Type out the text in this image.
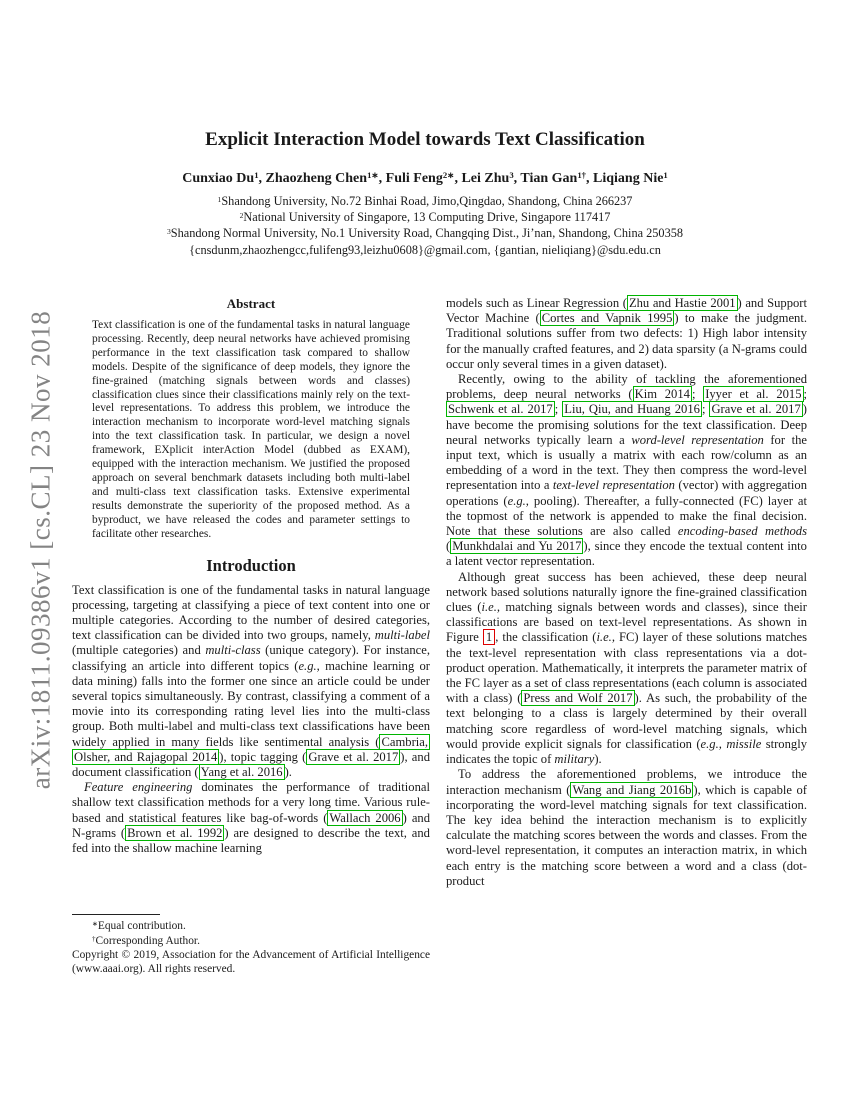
arXiv:1811.09386v1 [cs.CL] 23 Nov 2018
Explicit Interaction Model towards Text Classification
Cunxiao Du$^1$, Zhaozheng Chen$^{1∗}$, Fuli Feng$^{2∗}$, Lei Zhu$^3$, Tian Gan$^{1\dagger}$, Liqiang Nie$^1$
$^1$Shandong University, No.72 Binhai Road, Jimo,Qingdao, Shandong, China 266237
$^2$National University of Singapore, 13 Computing Drive, Singapore 117417
$^3$Shandong Normal University, No.1 University Road, Changqing Dist., Ji’nan, Shandong, China 250358
{cnsdunm,zhaozhengcc,fulifeng93,leizhu0608}@gmail.com, {gantian, nieliqiang}@sdu.edu.cn
Abstract
Text classification is one of the fundamental tasks in natural language processing. Recently, deep neural networks have achieved promising performance in the text classification task compared to shallow models. Despite of the significance of deep models, they ignore the fine-grained (matching signals between words and classes) classification clues since their classifications mainly rely on the text-level representations. To address this problem, we introduce the interaction mechanism to incorporate word-level matching signals into the text classification task. In particular, we design a novel framework, EXplicit interAction Model (dubbed as EXAM), equipped with the interaction mechanism. We justified the proposed approach on several benchmark datasets including both multi-label and multi-class text classification tasks. Extensive experimental results demonstrate the superiority of the proposed method. As a byproduct, we have released the codes and parameter settings to facilitate other researches.
Introduction

Text classification is one of the fundamental tasks in natural language processing, targeting at classifying a piece of text content into one or multiple categories. According to the number of desired categories, text classification can be divided into two groups, namely, multi-label (multiple categories) and multi-class (unique category). For instance, classifying an article into different topics (e.g., machine learning or data mining) falls into the former one since an article could be under several topics simultaneously. By contrast, classifying a comment of a movie into its corresponding rating level lies into the multi-class group. Both multi-label and multi-class text classifications have been widely applied in many fields like sentimental analysis ( Cambria, Olsher, and Rajagopal 2014 ), topic tagging ( Grave et al. 2017 ), and document classification ( Yang et al. 2016 ).

Feature engineering dominates the performance of traditional shallow text classification methods for a very long time. Various rule-based and statistical features like bag-of-words ( Wallach 2006 ) and N-grams ( Brown et al. 1992 ) are designed to describe the text, and fed into the shallow machine learning

models such as Linear Regression ( Zhu and Hastie 2001 ) and Support Vector Machine ( Cortes and Vapnik 1995 ) to make the judgment. Traditional solutions suffer from two defects: 1) High labor intensity for the manually crafted features, and 2) data sparsity (a N-grams could occur only several times in a given dataset).

Recently, owing to the ability of tackling the aforementioned problems, deep neural networks ( Kim 2014 ; Iyyer et al. 2015 ; Schwenk et al. 2017 ; Liu, Qiu, and Huang 2016 ; Grave et al. 2017 ) have become the promising solutions for the text classification. Deep neural networks typically learn a word-level representation for the input text, which is usually a matrix with each row/column as an embedding of a word in the text. They then compress the word-level representation into a text-level representation (vector) with aggregation operations (e.g., pooling). Thereafter, a fully-connected (FC) layer at the topmost of the network is appended to make the final decision. Note that these solutions are also called encoding-based methods ( Munkhdalai and Yu 2017 ), since they encode the textual content into a latent vector representation.

Although great success has been achieved, these deep neural network based solutions naturally ignore the fine-grained classification clues (i.e., matching signals between words and classes), since their classifications are based on text-level representations. As shown in Figure 1 , the classification (i.e., FC) layer of these solutions matches the text-level representation with class representations via a dot-product operation. Mathematically, it interprets the parameter matrix of the FC layer as a set of class representations (each column is associated with a class) ( Press and Wolf 2017 ). As such, the probability of the text belonging to a class is largely determined by their overall matching score regardless of word-level matching signals, which would provide explicit signals for classification (e.g., missile strongly indicates the topic of military).

To address the aforementioned problems, we introduce the interaction mechanism ( Wang and Jiang 2016b ), which is capable of incorporating the word-level matching signals for text classification. The key idea behind the interaction mechanism is to explicitly calculate the matching scores between the words and classes. From the word-level representation, it computes an interaction matrix, in which each entry is the matching score between a word and a class (dot-product

∗Equal contribution.
†Corresponding Author.
Copyright © 2019, Association for the Advancement of Artificial Intelligence (www.aaai.org). All rights reserved.
